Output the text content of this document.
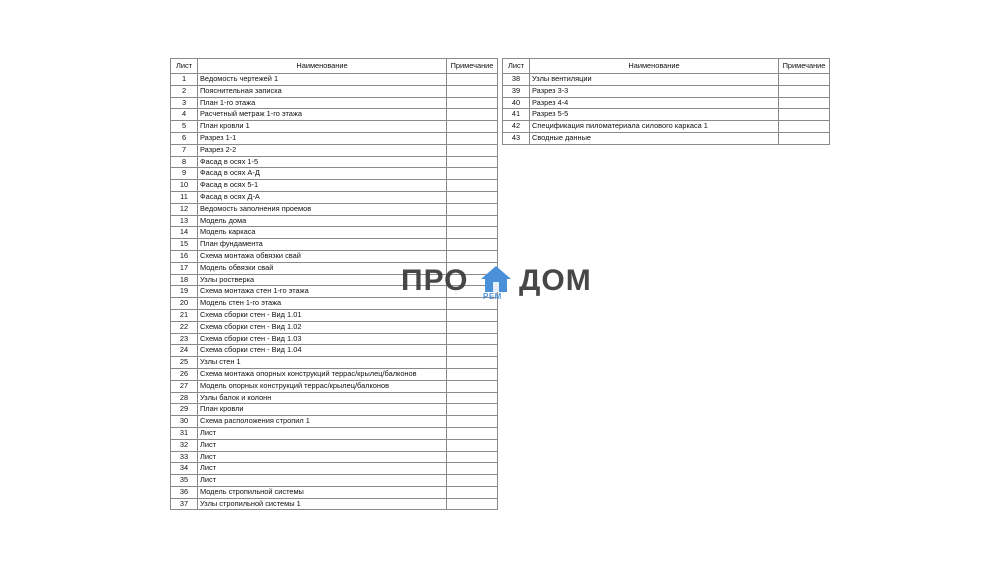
Лист	Наименование	Примечание
1	Ведомость чертежей 1	
2	Пояснительная записка	
3	План 1-го этажа	
4	Расчетный метраж 1-го этажа	
5	План кровли 1	
6	Разрез 1-1	
7	Разрез 2-2	
8	Фасад в осях 1-5	
9	Фасад в осях А-Д	
10	Фасад в осях 5-1	
11	Фасад в осях Д-А	
12	Ведомость заполнения проемов	
13	Модель дома	
14	Модель каркаса	
15	План фундамента	
16	Схема монтажа обвязки свай	
17	Модель обвязки свай	
18	Узлы ростверка	
19	Схема монтажа стен 1-го этажа	
20	Модель стен 1-го этажа	
21	Схема сборки стен - Вид 1.01	
22	Схема сборки стен - Вид 1.02	
23	Схема сборки стен - Вид 1.03	
24	Схема сборки стен - Вид 1.04	
25	Узлы стен 1	
26	Схема монтажа опорных конструкций террас/крылец/балконов	
27	Модель опорных конструкций террас/крылец/балконов	
28	Узлы балок и колонн	
29	План кровли	
30	Схема расположения стропил 1	
31	Лист	
32	Лист	
33	Лист	
34	Лист	
35	Лист	
36	Модель стропильной системы	
37	Узлы стропильной системы 1	
Лист	Наименование	Примечание
38	Узлы вентиляции	
39	Разрез 3-3	
40	Разрез 4-4	
41	Разрез 5-5	
42	Спецификация пиломатериала силового каркаса 1	
43	Сводные данные	
ПРО РЕМ ДОМ
